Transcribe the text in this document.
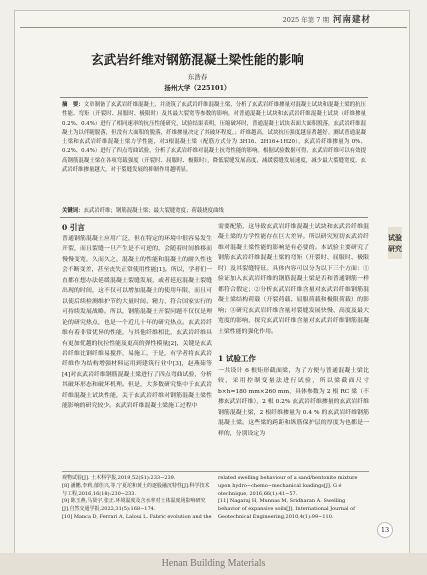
2025 年第 7 期 河南建材
玄武岩纤维对钢筋混凝土梁性能的影响
东浩春
扬州大学（225101）
摘　要：文章制备了玄武岩纤维混凝土，并浇筑了玄武岩纤维混凝土梁，分析了玄武岩纤维掺量对混凝土试块和混凝土梁的抗压性能、弯矩（开裂时、屈服时、极限时）及其最大裂宽等参数的影响。对普通混凝土试块和玄武岩纤维混凝土试块（纤维掺量 0.2%、0.4%）进行了相同速率的抗压性能研究，试验结果表明，压缩破坏时，普通混凝土试块表面大面积脱落，玄武岩纤维混凝土为以伴随脱落，但没有大面积的脱落，纤维掺量决定了其破坏程度。；纤维越高，试块抗压强度越显著越好。测试普通混凝土梁和玄武岩纤维混凝土梁力学性能，对3根混凝土梁（配筋方式分为 3H16、2H16+1H20），玄武岩纤维掺量为 0%、0.2%、0.4%）进行了四点弯曲试验，分析了玄武岩纤维对混凝土抗弯性能的影响。根据试验数据可得，玄武岩纤维可以有效提高钢筋混凝土梁在各项弯载强度（开裂时、屈服时、极限时），降低裂缝发展高度，减缓裂缝发展速度，减少最大裂缝宽度，玄武岩纤维掺量越大，对于裂缝发展的抑制作用越明显。
关键词：玄武岩纤维；钢筋混凝土梁；最大裂缝宽度；荷载挠度曲线
0 引言
普通钢筋混凝土应用广泛，但在特定的环境中很容易发生开裂，而且裂缝一旦产生是不可逆的，会随着时间推移而慢慢变宽，久而久之，混凝土的性能和混凝土的耐久性也会不断变差，甚至丧失正常使用性能[1]。所以，学者们一直都在想办法延缓混凝土裂缝发展，或者延迟混凝土裂缝出现的时间，这不仅可以增加混凝土的使用年限，而且可以使后续检测维护节约大量时间、精力、符合国家实行的可持续发展战略。所以，钢筋混凝土开裂问题不仅仅是理论的研究热点，也是一个近几十年的研究热点。玄武岩纤维有着非常优异的性能，与其他纤维相比，玄武岩纤维具有更加优越的抗拉性能及更高的弹性模量[2]，关键是玄武岩纤维比钢纤维易搅拌，易施工，于是，有学者将玄武岩纤维作为结构增强材料运用到建筑行业中[3]，赵燕茹等[4]对玄武岩纤维钢筋混凝土梁进行了四点弯曲试验，分析其破坏形态和破坏机理。但是，大多数研究集中于玄武岩纤维混凝土试块性能，关于玄武岩纤维对钢筋混凝土梁性能影响的研究较少。玄武岩纤维混凝土梁施工过程中
需要配筋，这导致玄武岩纤维混凝土试块和玄武岩纤维混凝土梁的力学性能存在巨大差异。所以研究短切玄武岩纤维对混凝土梁性能的影响是有必要的。本试验主要研究了钢筋玄武岩纤维混凝土梁的弯矩（开裂时、屈服时、极限时）及其裂缝特征。具体内容可以分为以下三个方面：①验证加入玄武岩纤维的钢筋混凝土梁是否和普通钢筋一样都符合假定；②分析玄武岩纤维含量对玄武岩纤维钢筋混凝土梁结构荷载（开裂荷载、屈服荷载和极限荷载）的影响；③研究玄武岩纤维含量对裂缝发展快慢、高度及最大宽度的影响，探究玄武岩纤维含量对玄武岩纤维钢筋混凝土梁性能的强化作用。
1 试验工作
一共设计 6 根矩形截面梁，为了方便与普通混凝土梁比较，采用控制变量法进行试验，所以梁截面尺寸 b×h=180 mm×260 mm，具体参数为 2 根 RC 梁（不掺玄武岩纤维），2 根 0.2% 玄武岩纤维掺量的玄武岩纤维钢筋混凝土梁，2 根纤维掺量为 0.4 % 的玄武岩纤维钢筋混凝土梁。这些梁的跨距和纵筋保护层的厚度为也都是一样的，分别设定为
试验研究
观物试验[J]. 土木科学报,2019,52(S1):233−239.
[8] 潘鹏,李莉,郁佳兴,等.宁夏坨和黄土的逐股融沉特性[J].科学技术与工程,2016,16(18):230−233.
[9] 陈玉燕,马贤宇,张正.环境温度及含水率对土体温度场影响研究[J].自然交通学报,2022,31(5):168−174.
[10] Manca D, Ferrari A, Laloui L. Fabric evolution and the
related swelling behaviour of a sand/bentonite mixture upon hydro−chemo−mechanical loadings[J]. G é otechnique, 2016,66(1):41−57.
[11] Nagaraj H, Munnas M, Sridharan A. Swelling behavior of expansive soils[J]. International Journal of Geotechnical Engineering,2010,4(1):99−110.
13
Henan Building Materials
